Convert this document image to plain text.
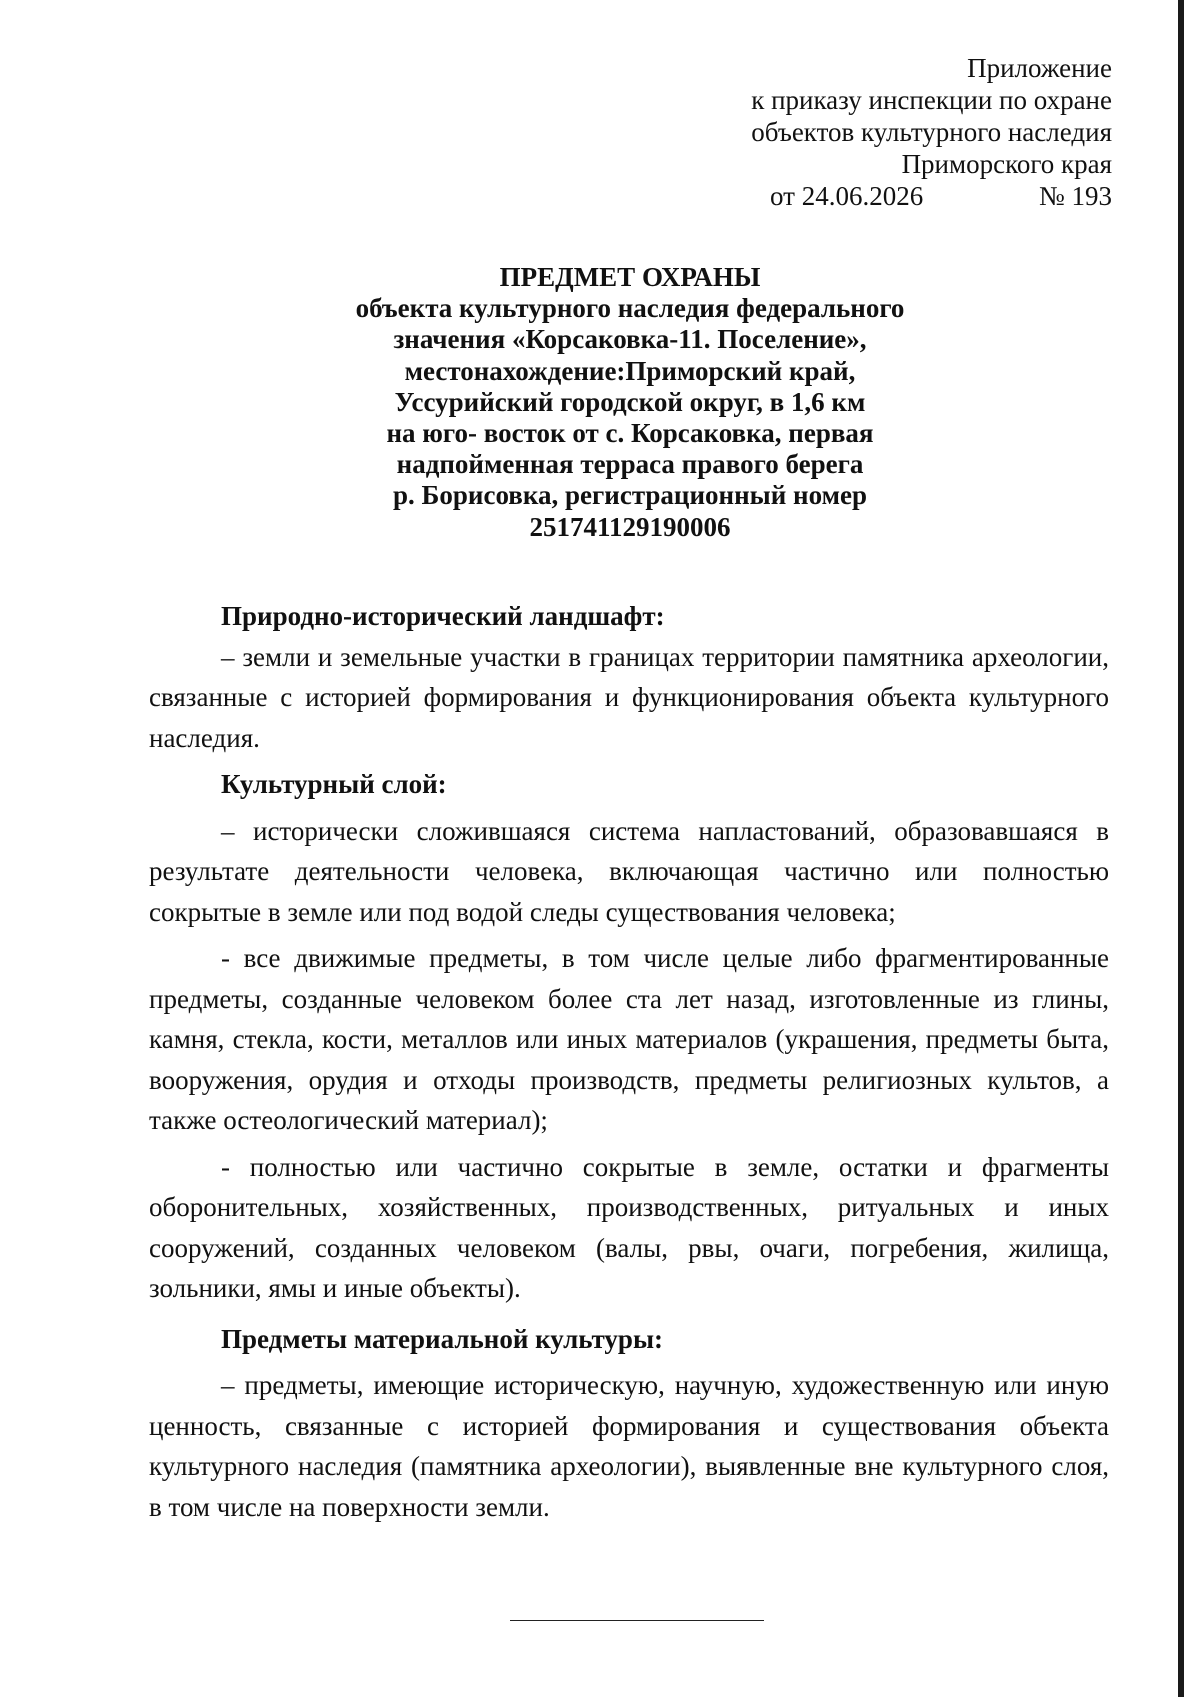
Приложение
к приказу инспекции по охране
объектов культурного наследия
Приморского края
от 24.06.2026	№ 193
ПРЕДМЕТ ОХРАНЫ
объекта культурного наследия федерального
значения «Корсаковка-11. Поселение»,
местонахождение:Приморский край,
Уссурийский городской округ, в 1,6 км
на юго- восток от с. Корсаковка, первая
надпойменная терраса правого берега
р. Борисовка, регистрационный номер
251741129190006

Природно-исторический ландшафт:

– земли и земельные участки в границах территории памятника археологии, связанные с историей формирования и функционирования объекта культурного наследия.

Культурный слой:

– исторически сложившаяся система напластований, образовавшаяся в результате деятельности человека, включающая частично или полностью сокрытые в земле или под водой следы существования человека;

- все движимые предметы, в том числе целые либо фрагментированные предметы, созданные человеком более ста лет назад, изготовленные из глины, камня, стекла, кости, металлов или иных материалов (украшения, предметы быта, вооружения, орудия и отходы производств, предметы религиозных культов, а также остеологический материал);

- полностью или частично сокрытые в земле, остатки и фрагменты оборонительных, хозяйственных, производственных, ритуальных и иных сооружений, созданных человеком (валы, рвы, очаги, погребения, жилища, зольники, ямы и иные объекты).

Предметы материальной культуры:

– предметы, имеющие историческую, научную, художественную или иную ценность, связанные с историей формирования и существования объекта культурного наследия (памятника археологии), выявленные вне культурного слоя, в том числе на поверхности земли.
